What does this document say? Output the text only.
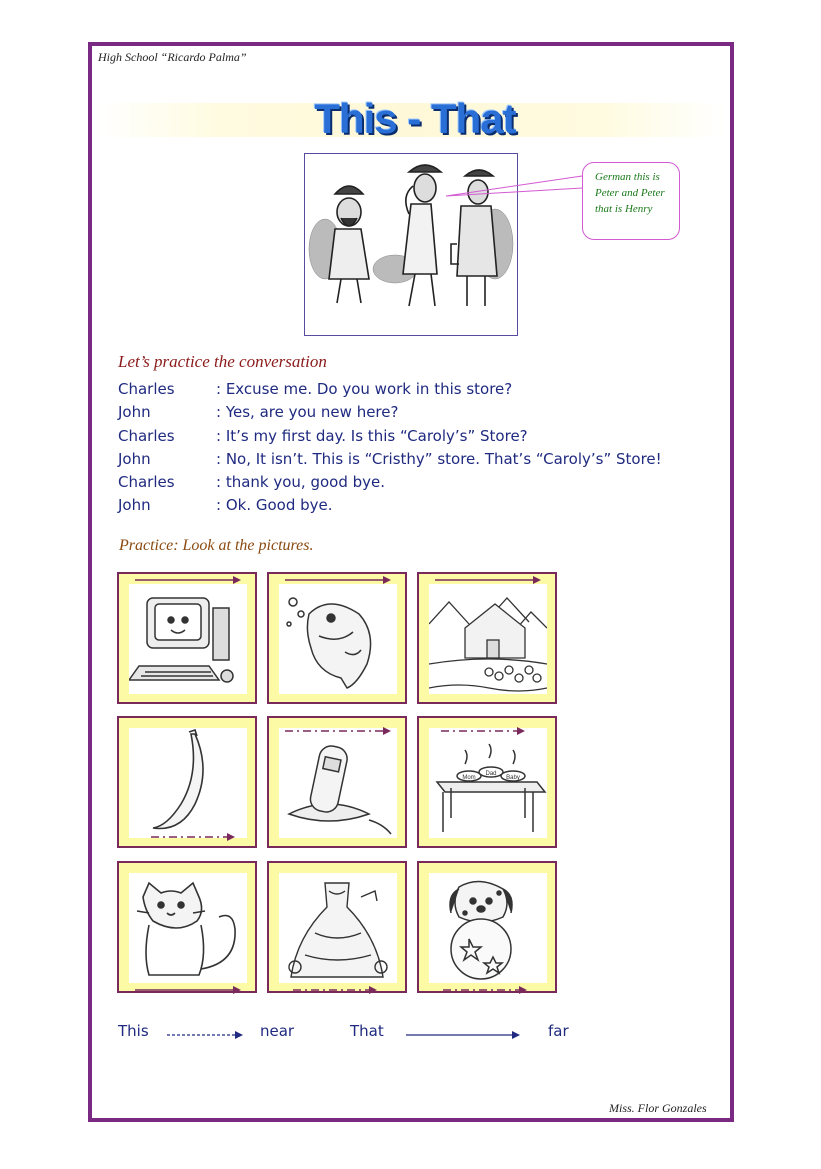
High School “Ricardo Palma”
This - That
German this is Peter and Peter that is Henry
Let’s practice the conversation
Charles	: Excuse me. Do you work in this store?
John	: Yes, are you new here?
Charles	: It’s my first day. Is this “Caroly’s” Store?
John	: No, It isn’t. This is “Cristhy” store. That’s “Caroly’s” Store!
Charles	: thank you, good bye.
John	: Ok. Good bye.
Practice: Look at the pictures.
Mom
Dad
Baby
This	near	That	far
Miss. Flor Gonzales
